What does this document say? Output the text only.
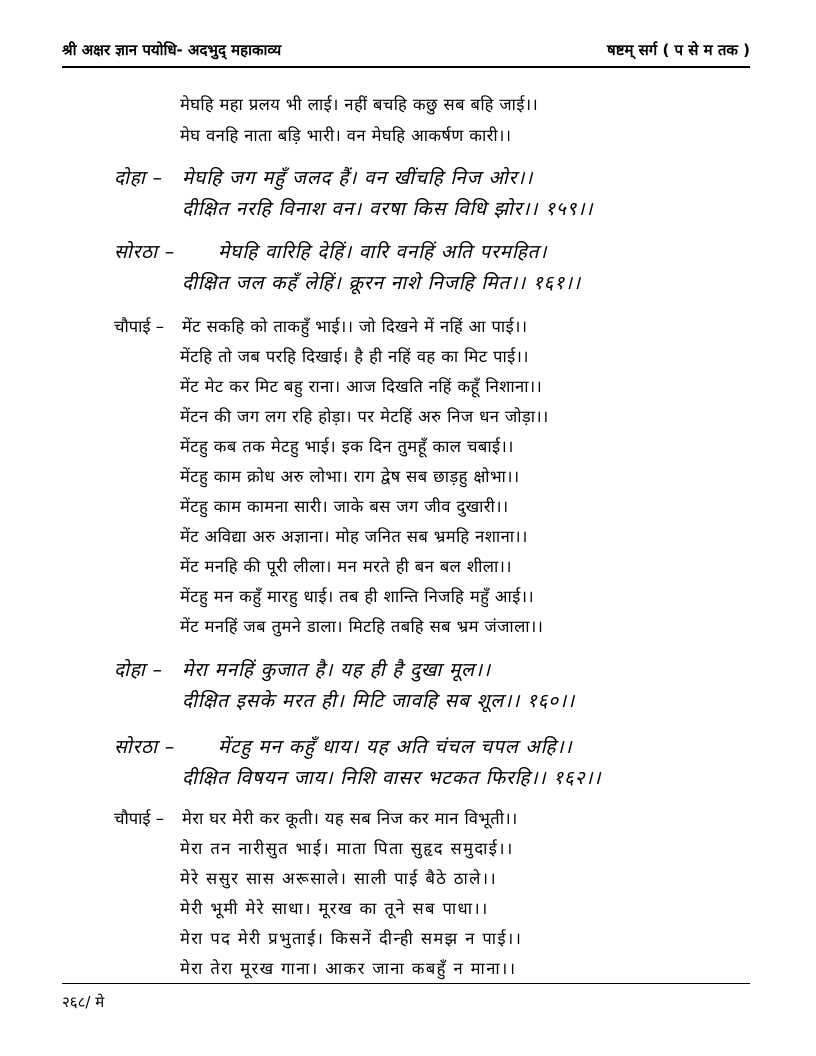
श्री अक्षर ज्ञान पयोधि- अदभुद् महाकाव्य	षष्टम् सर्ग ( प से म तक )
मेघहि महा प्रलय भी लाई। नहीं बचहि कछु सब बहि जाई।।
मेघ वनहि नाता बड़ि भारी। वन मेघहि आकर्षण कारी।।
दोहा – मेघहि जग महुँ जलद हैं। वन खींचहि निज ओर।।
दीक्षित नरहि विनाश वन। वरषा किस विधि झोर।। १५९।।
सोरठा – मेघहि वारिहि देहिं। वारि वनहिं अति परमहित।
दीक्षित जल कहँ लेहिं। क्रूरन नाशे निजहि मित।। १६१।।
चौपाई – मेंट सकहि को ताकहुँ भाई।। जो दिखने में नहिं आ पाई।।
मेंटहि तो जब परहि दिखाई। है ही नहिं वह का मिट पाई।।
मेंट मेट कर मिट बहु राना। आज दिखति नहिं कहूँ निशाना।।
मेंटन की जग लग रहि होड़ा। पर मेटहिं अरु निज धन जोड़ा।।
मेंटहु कब तक मेटहु भाई। इक दिन तुमहूँ काल चबाई।।
मेंटहु काम क्रोध अरु लोभा। राग द्वेष सब छाड़हु क्षोभा।।
मेंटहु काम कामना सारी। जाके बस जग जीव दुखारी।।
मेंट अविद्या अरु अज्ञाना। मोह जनित सब भ्रमहि नशाना।।
मेंट मनहि की पूरी लीला। मन मरते ही बन बल शीला।।
मेंटहु मन कहुँ मारहु धाई। तब ही शान्ति निजहि महुँ आई।।
मेंट मनहिं जब तुमने डाला। मिटहि तबहि सब भ्रम जंजाला।।
दोहा – मेरा मनहिं कुजात है। यह ही है दुखा मूल।।
दीक्षित इसके मरत ही। मिटि जावहि सब शूल।। १६०।।
सोरठा – मेंटहु मन कहुँ धाय। यह अति चंचल चपल अहि।।
दीक्षित विषयन जाय। निशि वासर भटकत फिरहि।। १६२।।
चौपाई – मेरा घर मेरी कर कूती। यह सब निज कर मान विभूती।।
मेरा तन नारीसुत भाई। माता पिता सुहृद समुदाई।।
मेरे ससुर सास अरूसाले। साली पाई बैठे ठाले।।
मेरी भूमी मेरे साधा। मूरख का तूने सब पाधा।।
मेरा पद मेरी प्रभुताई। किसनें दीन्ही समझ न पाई।।
मेरा तेरा मूरख गाना। आकर जाना कबहुँ न माना।।
२६८/ मे
